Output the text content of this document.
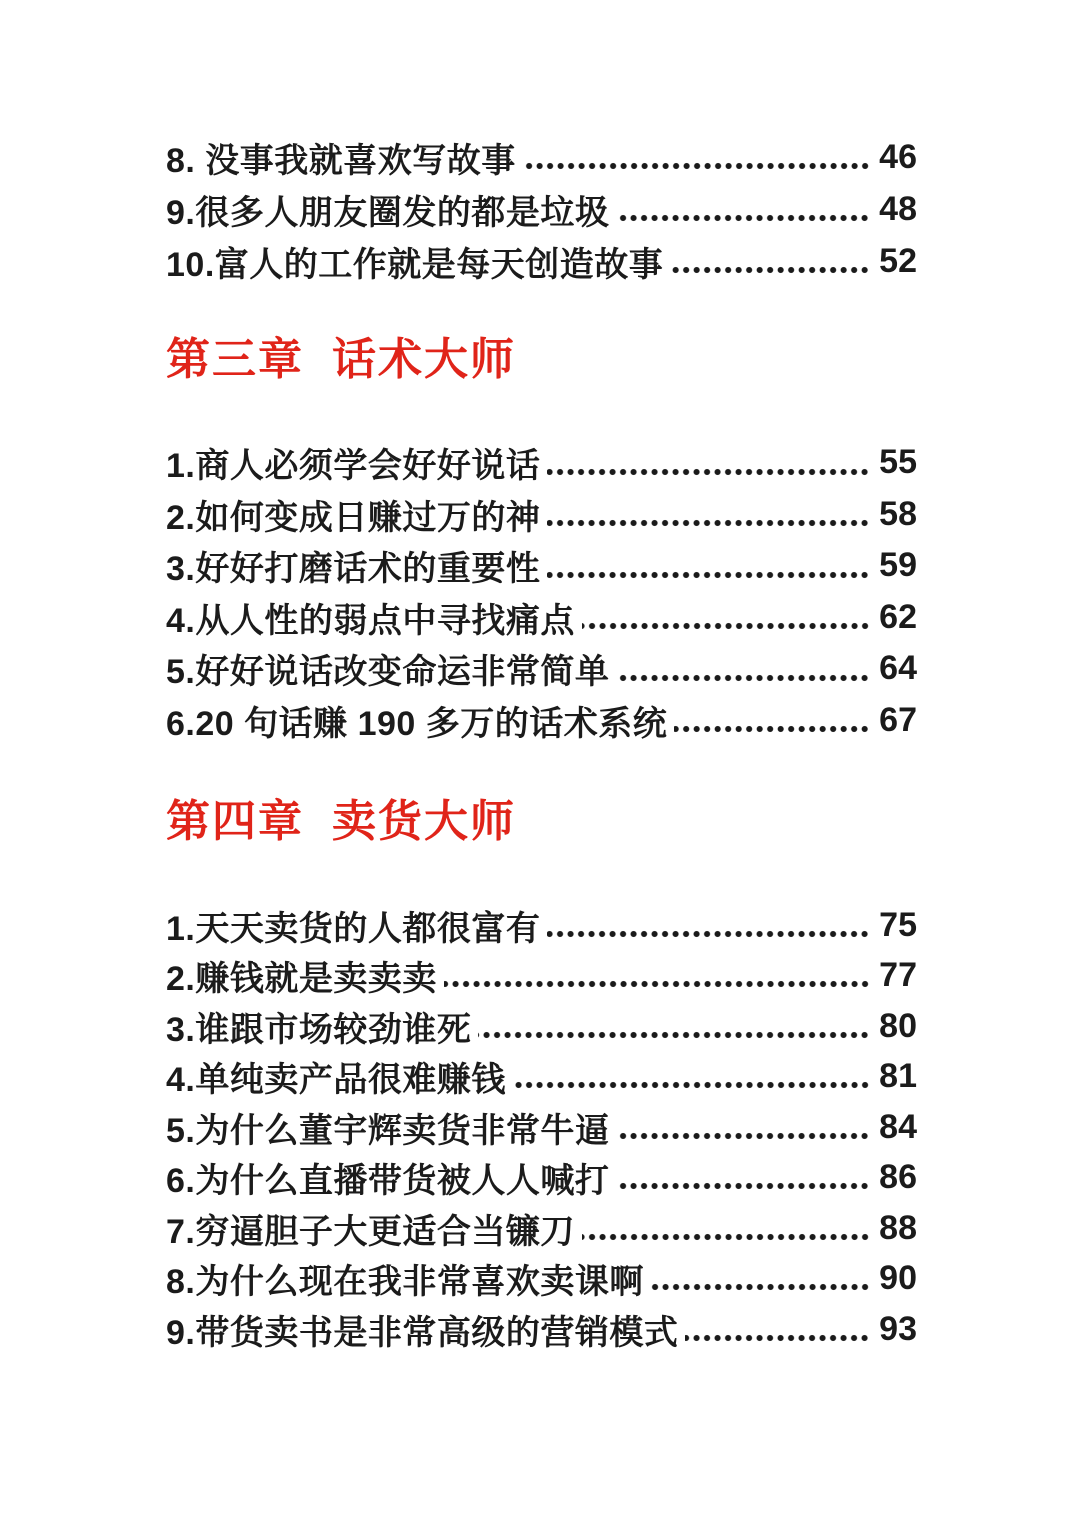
8. 没事我就喜欢写故事	46
9.很多人朋友圈发的都是垃圾	48
10.富人的工作就是每天创造故事	52
第三章 话术大师
1.商人必须学会好好说话	55
2.如何变成日赚过万的神	58
3.好好打磨话术的重要性	59
4.从人性的弱点中寻找痛点	62
5.好好说话改变命运非常简单	64
6.20 句话赚 190 多万的话术系统	67
第四章 卖货大师
1.天天卖货的人都很富有	75
2.赚钱就是卖卖卖	77
3.谁跟市场较劲谁死	80
4.单纯卖产品很难赚钱	81
5.为什么董宇辉卖货非常牛逼	84
6.为什么直播带货被人人喊打	86
7.穷逼胆子大更适合当镰刀	88
8.为什么现在我非常喜欢卖课啊	90
9.带货卖书是非常高级的营销模式	93
